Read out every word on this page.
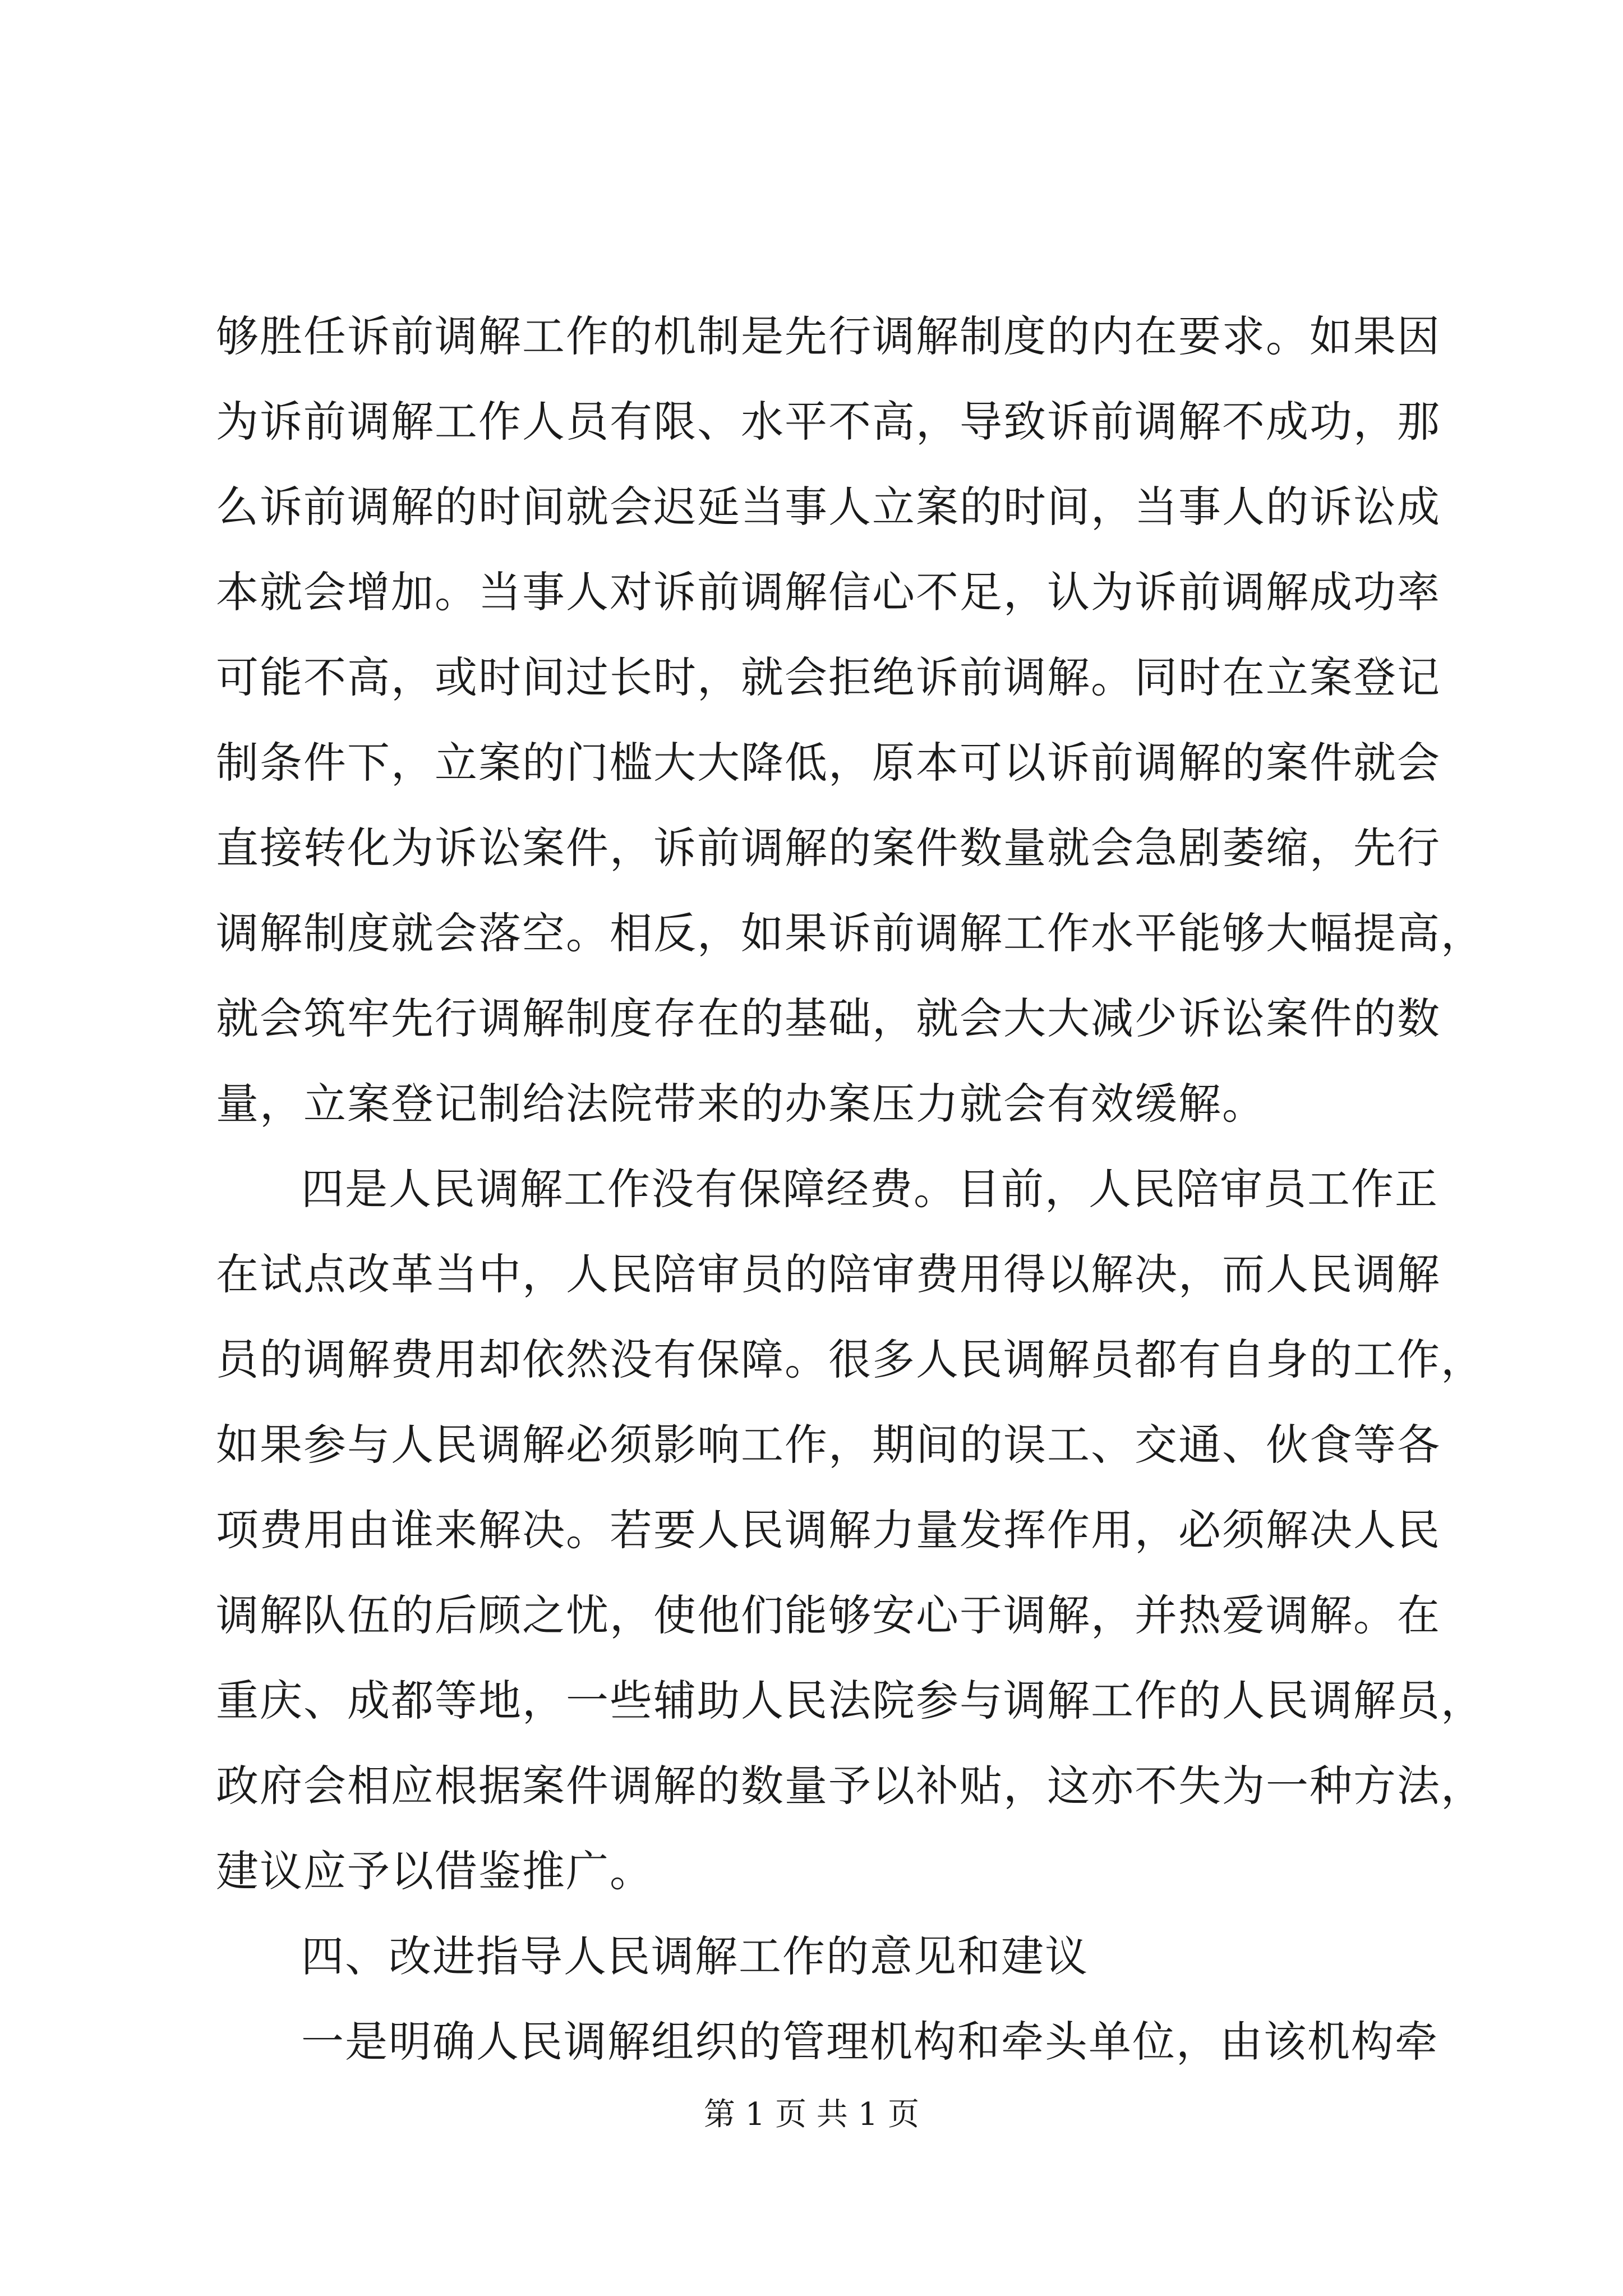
够胜任诉前调解工作的机制是先行调解制度的内在要求。如果因
为诉前调解工作人员有限、水平不高，导致诉前调解不成功，那
么诉前调解的时间就会迟延当事人立案的时间，当事人的诉讼成
本就会增加。当事人对诉前调解信心不足，认为诉前调解成功率
可能不高，或时间过长时，就会拒绝诉前调解。同时在立案登记
制条件下，立案的门槛大大降低，原本可以诉前调解的案件就会
直接转化为诉讼案件，诉前调解的案件数量就会急剧萎缩，先行
调解制度就会落空。相反，如果诉前调解工作水平能够大幅提高，
就会筑牢先行调解制度存在的基础，就会大大减少诉讼案件的数
量，立案登记制给法院带来的办案压力就会有效缓解。
四是人民调解工作没有保障经费。目前，人民陪审员工作正
在试点改革当中，人民陪审员的陪审费用得以解决，而人民调解
员的调解费用却依然没有保障。很多人民调解员都有自身的工作，
如果参与人民调解必须影响工作，期间的误工、交通、伙食等各
项费用由谁来解决。若要人民调解力量发挥作用，必须解决人民
调解队伍的后顾之忧，使他们能够安心于调解，并热爱调解。在
重庆、成都等地，一些辅助人民法院参与调解工作的人民调解员，
政府会相应根据案件调解的数量予以补贴，这亦不失为一种方法，
建议应予以借鉴推广。
四、改进指导人民调解工作的意见和建议
一是明确人民调解组织的管理机构和牵头单位，由该机构牵
第 1 页 共 1 页
